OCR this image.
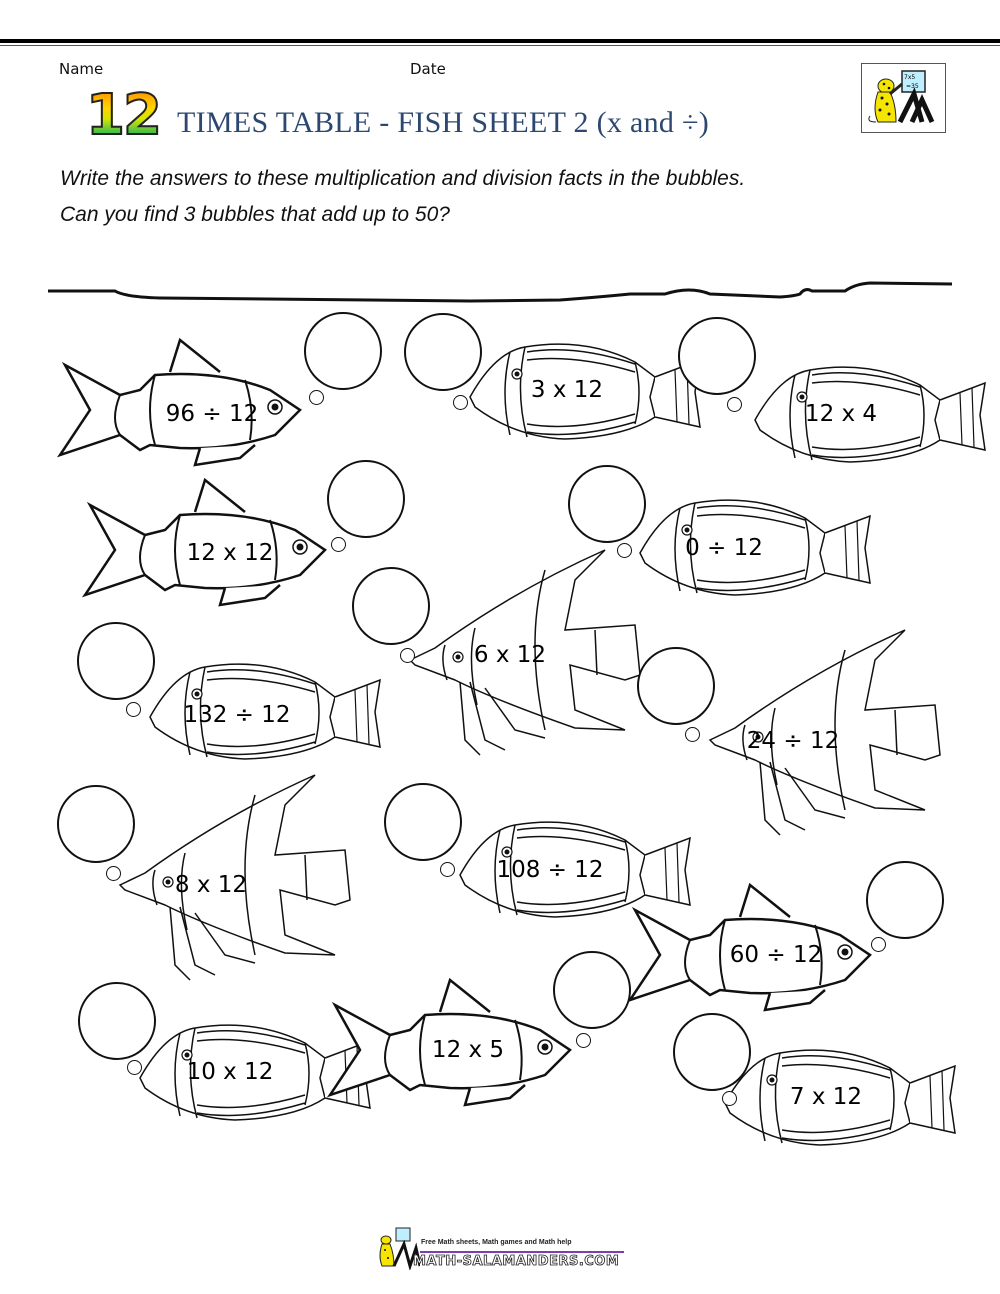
Name	Date
12 TIMES TABLE - FISH SHEET 2 (x and ÷)
7x5
=35
Write the answers to these multiplication and division facts in the bubbles.
Can you find 3 bubbles that add up to 50?
96 ÷ 12
3 x 12
12 x 4
12 x 12	0 ÷ 12
6 x 12
132 ÷ 12
24 ÷ 12
8 x 12
108 ÷ 12
60 ÷ 12
10 x 12
12 x 5
7 x 12
Free Math sheets, Math games and Math help
MATH-SALAMANDERS.COM
